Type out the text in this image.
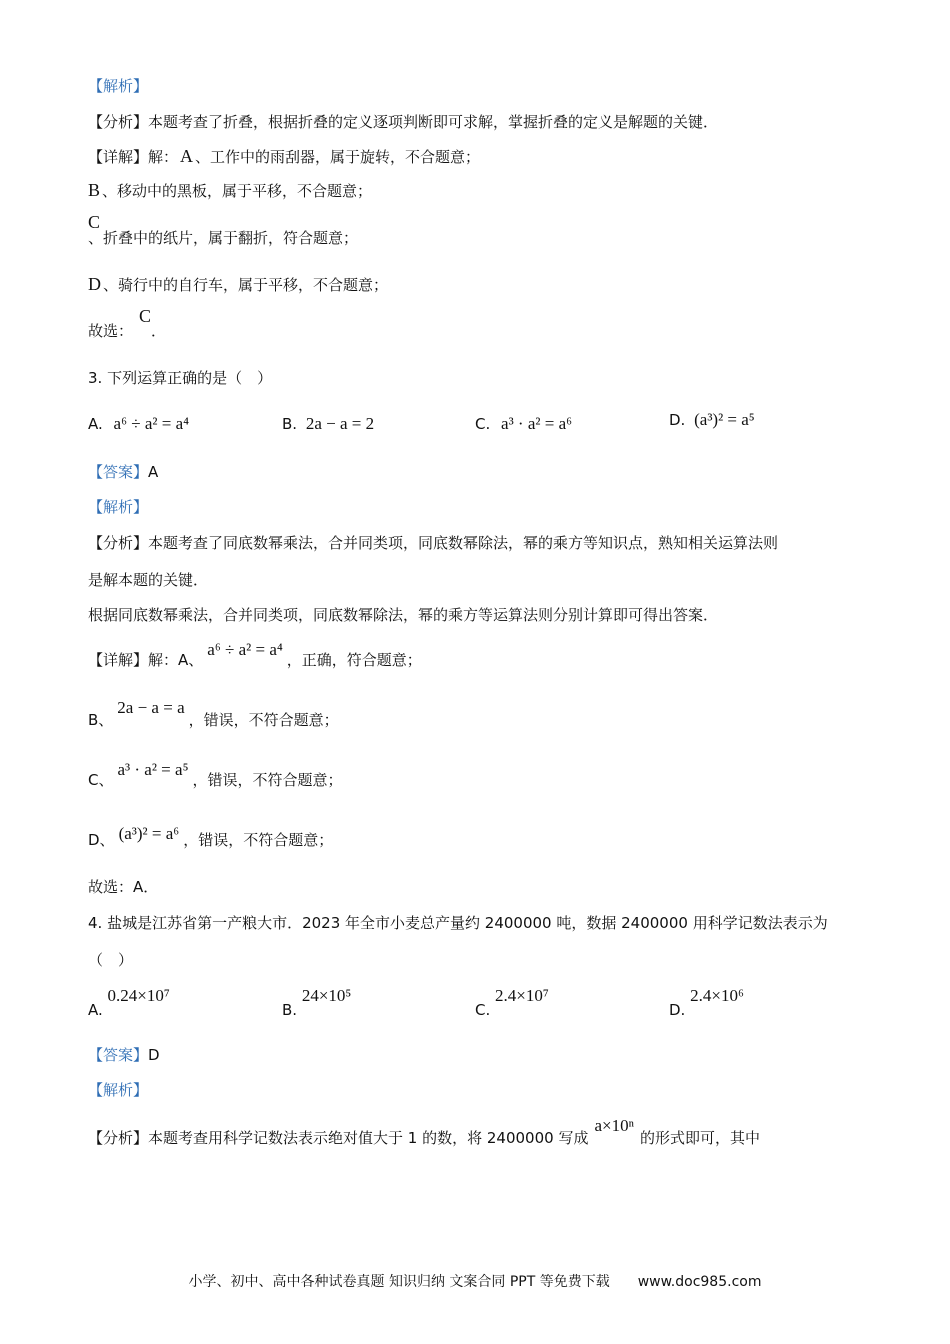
【解析】
【分析】本题考查了折叠，根据折叠的定义逐项判断即可求解，掌握折叠的定义是解题的关键．
【详解】解： A 、工作中的雨刮器，属于旋转，不合题意；
B 、移动中的黑板，属于平移，不合题意；
C
、折叠中的纸片，属于翻折，符合题意；
D 、骑行中的自行车，属于平移，不合题意；
故选：C．
3. 下列运算正确的是（　）
A. a⁶ ÷ a² = a⁴	B. 2a − a = 2	C. a³ · a² = a⁶	D. (a³)² = a⁵
【答案】A
【解析】
【分析】本题考查了同底数幂乘法，合并同类项，同底数幂除法，幂的乘方等知识点，熟知相关运算法则
是解本题的关键．
根据同底数幂乘法，合并同类项，同底数幂除法，幂的乘方等运算法则分别计算即可得出答案．
【详解】解：A、a⁶ ÷ a² = a⁴，正确，符合题意；
B、2a − a = a，错误，不符合题意；
C、a³ · a² = a⁵，错误，不符合题意；
D、 (a³)² = a⁶ ，错误，不符合题意；
故选：A．
4. 盐城是江苏省第一产粮大市．2023 年全市小麦总产量约 2400000 吨，数据 2400000 用科学记数法表示为
（　）
A. 0.24×10⁷
B. 24×10⁵
C. 2.4×10⁷
D. 2.4×10⁶
【答案】D
【解析】
【分析】本题考查用科学记数法表示绝对值大于 1 的数，将 2400000 写成a×10ⁿ的形式即可，其中
小学、初中、高中各种试卷真题 知识归纳 文案合同 PPT 等免费下载　　www.doc985.com
